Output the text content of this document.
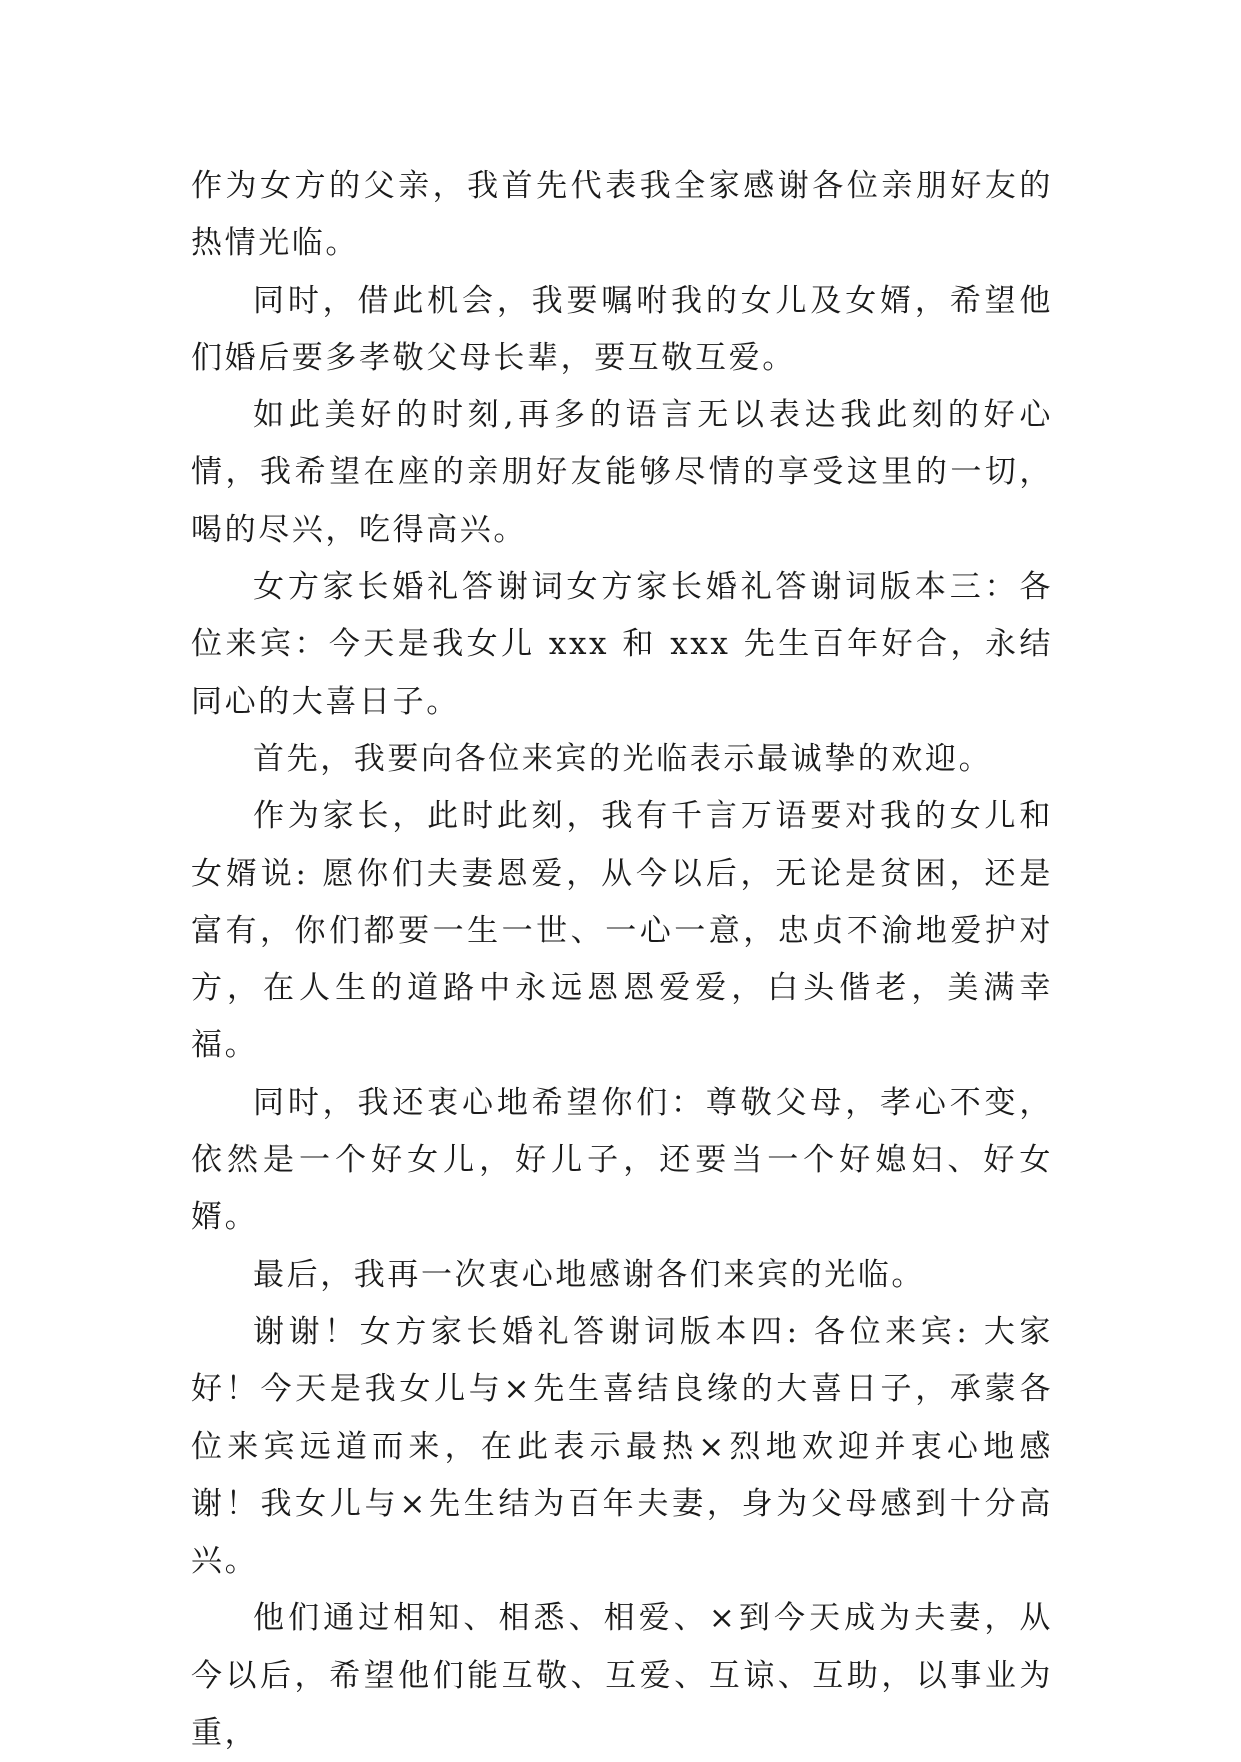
作为女方的父亲，我首先代表我全家感谢各位亲朋好友的热情光临。

同时，借此机会，我要嘱咐我的女儿及女婿，希望他们婚后要多孝敬父母长辈，要互敬互爱。

如此美好的时刻,再多的语言无以表达我此刻的好心情，我希望在座的亲朋好友能够尽情的享受这里的一切，喝的尽兴，吃得高兴。

女方家长婚礼答谢词女方家长婚礼答谢词版本三：各位来宾：今天是我女儿 xxx 和 xxx 先生百年好合，永结同心的大喜日子。

首先，我要向各位来宾的光临表示最诚挚的欢迎。

作为家长，此时此刻，我有千言万语要对我的女儿和女婿说: 愿你们夫妻恩爱，从今以后，无论是贫困，还是富有，你们都要一生一世、一心一意，忠贞不渝地爱护对方，在人生的道路中永远恩恩爱爱，白头偕老，美满幸福。

同时，我还衷心地希望你们：尊敬父母，孝心不变，依然是一个好女儿，好儿子，还要当一个好媳妇、好女婿。

最后，我再一次衷心地感谢各们来宾的光临。

谢谢！女方家长婚礼答谢词版本四: 各位来宾: 大家好！今天是我女儿与×先生喜结良缘的大喜日子，承蒙各位来宾远道而来，在此表示最热×烈地欢迎并衷心地感谢！我女儿与×先生结为百年夫妻，身为父母感到十分高兴。

他们通过相知、相悉、相爱、×到今天成为夫妻，从今以后，希望他们能互敬、互爱、互谅、互助，以事业为重，
